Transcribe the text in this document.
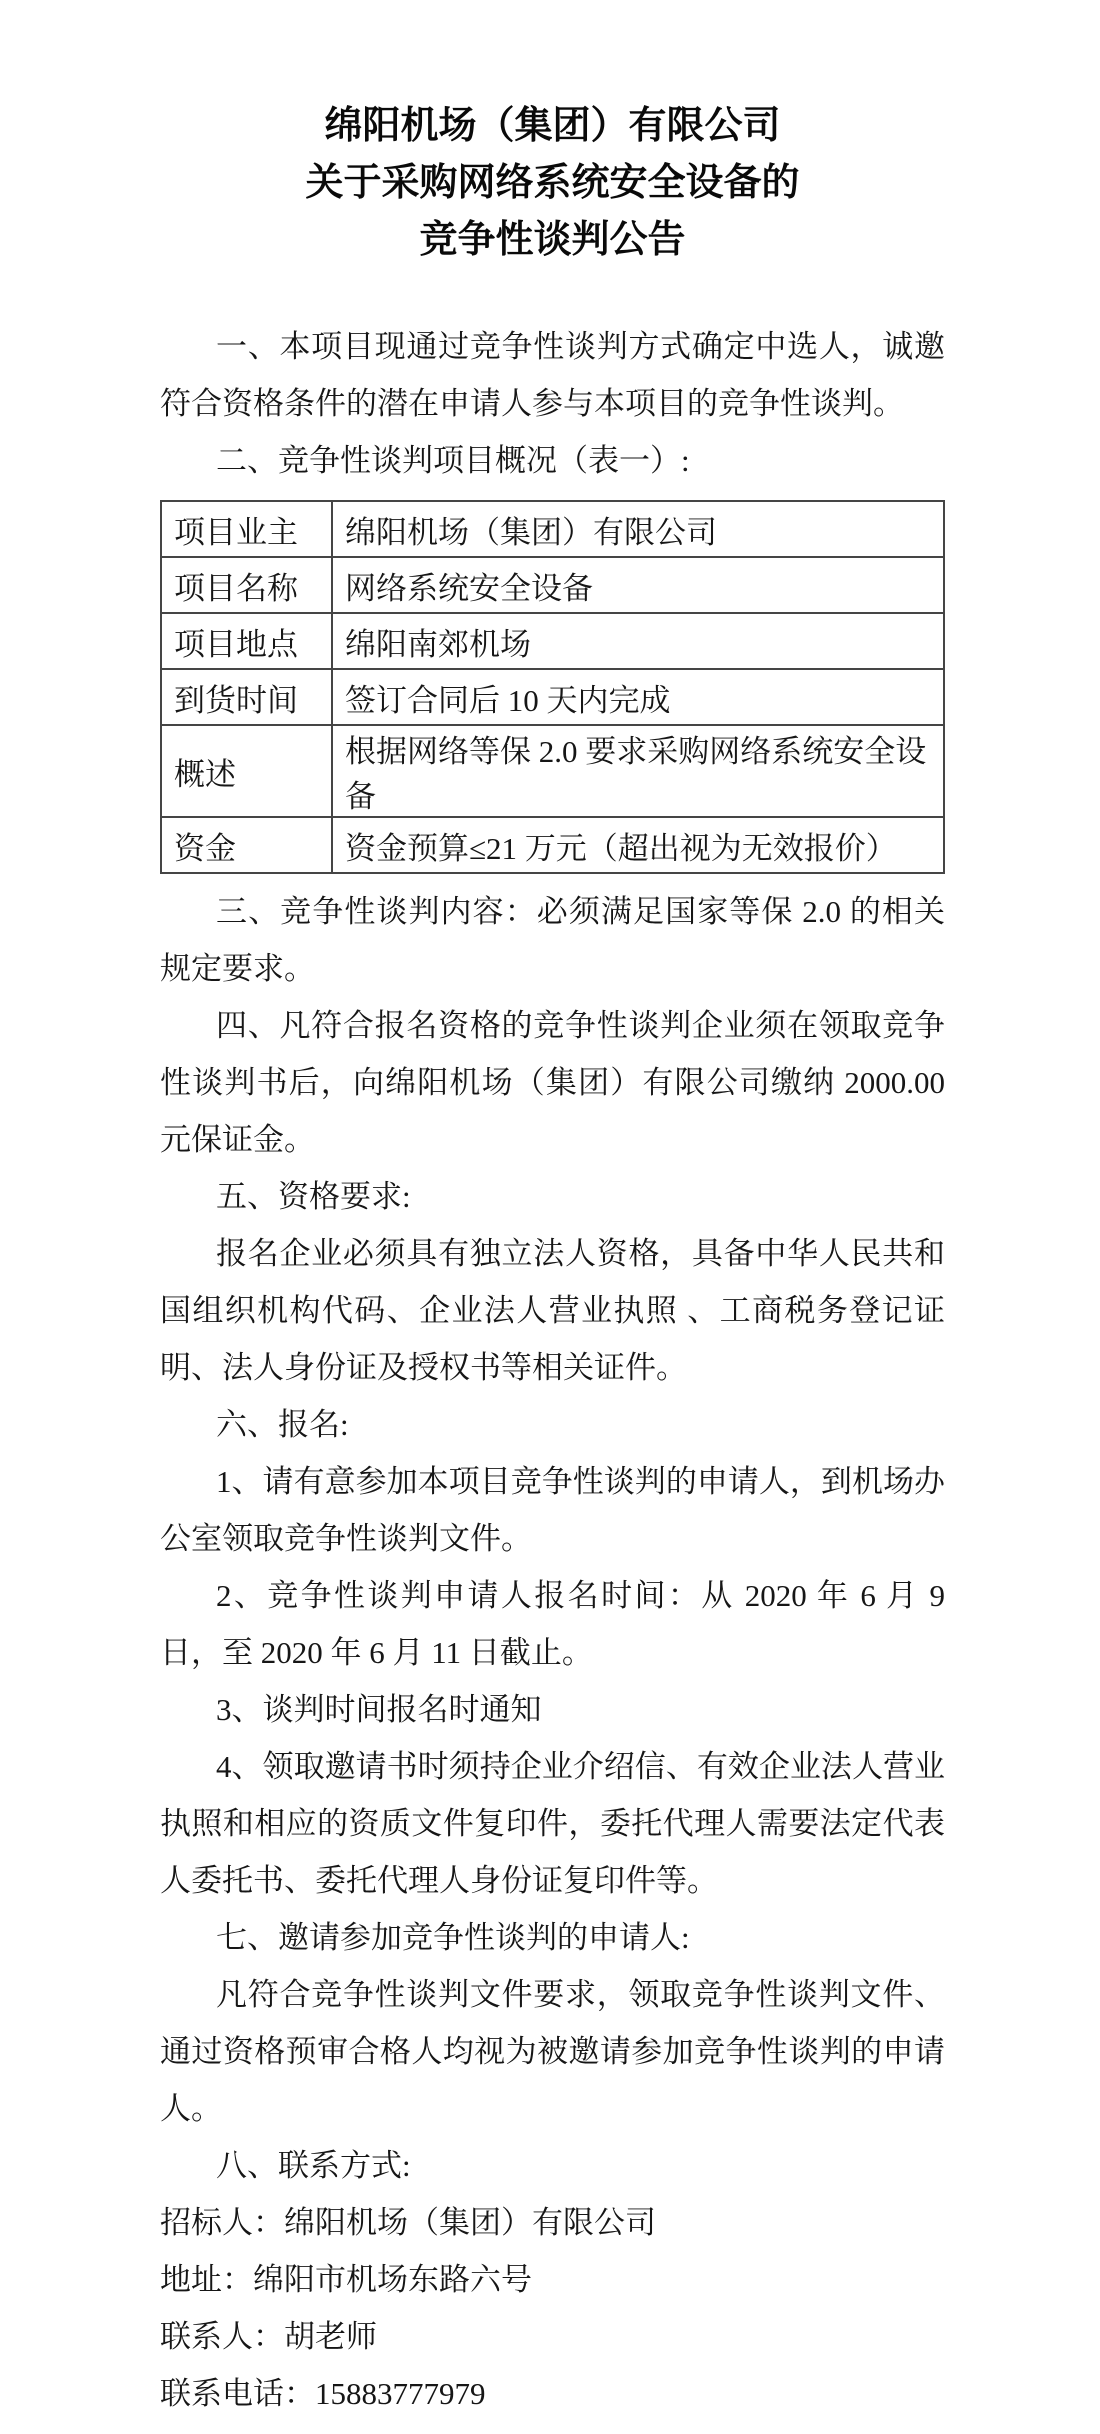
绵阳机场（集团）有限公司
关于采购网络系统安全设备的
竞争性谈判公告

一、本项目现通过竞争性谈判方式确定中选人，诚邀符合资格条件的潜在申请人参与本项目的竞争性谈判。

二、竞争性谈判项目概况（表一）:

项目业主	绵阳机场（集团）有限公司
项目名称	网络系统安全设备
项目地点	绵阳南郊机场
到货时间	签订合同后 10 天内完成
概述	根据网络等保 2.0 要求采购网络系统安全设备
资金	资金预算≤21 万元（超出视为无效报价）

三、竞争性谈判内容：必须满足国家等保 2.0 的相关规定要求。

四、凡符合报名资格的竞争性谈判企业须在领取竞争性谈判书后，向绵阳机场（集团）有限公司缴纳 2000.00 元保证金。

五、资格要求:

报名企业必须具有独立法人资格，具备中华人民共和国组织机构代码、企业法人营业执照 、工商税务登记证明、法人身份证及授权书等相关证件。

六、报名:

1、请有意参加本项目竞争性谈判的申请人，到机场办公室领取竞争性谈判文件。

2、竞争性谈判申请人报名时间：从 2020 年 6 月 9 日，至 2020 年 6 月 11 日截止。

3、谈判时间报名时通知

4、领取邀请书时须持企业介绍信、有效企业法人营业执照和相应的资质文件复印件，委托代理人需要法定代表人委托书、委托代理人身份证复印件等。

七、邀请参加竞争性谈判的申请人:

凡符合竞争性谈判文件要求，领取竞争性谈判文件、通过资格预审合格人均视为被邀请参加竞争性谈判的申请人。

八、联系方式:

招标人：绵阳机场（集团）有限公司

地址：绵阳市机场东路六号

联系人：胡老师

联系电话：15883777979
